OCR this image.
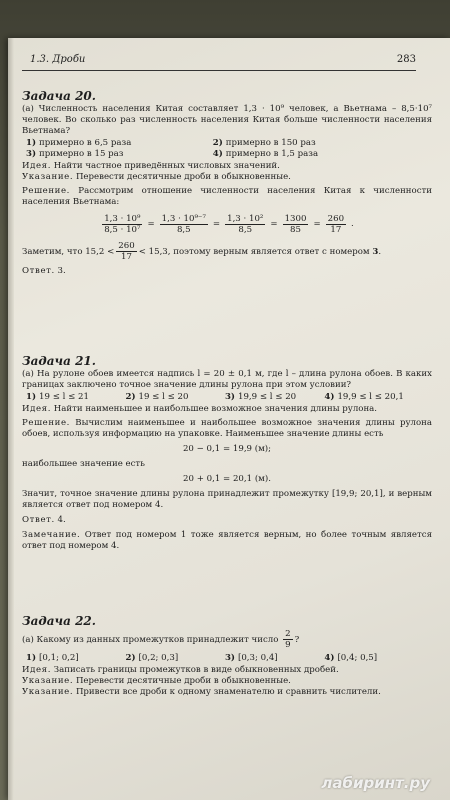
1.3. Дроби	283
Задача 20.

(а) Численность населения Китая составляет 1,3 · 10⁹ человек, а Вьетнама – 8,5·10⁷ человек. Во сколько раз численность населения Китая больше численности населения Вьетнама?

1) примерно в 6,5 раза	2) примерно в 150 раз
3) примерно в 15 раз	4) примерно в 1,5 раза

Идея. Найти частное приведённых числовых значений.

Указание. Перевести десятичные дроби в обыкновенные.

Решение. Рассмотрим отношение численности населения Китая к численности населения Вьетнама:

$\frac{\text{1,3 · 10⁹}}{\text{8,5 · 10⁷}} = \frac{\text{1,3 · 10⁹⁻⁷}}{8,5} = \frac{\text{1,3 · 10²}}{8,5} = \frac{1300}{85} = \frac{260}{17}$ .

Заметим, что $15,2 < \frac{260}{17} < 15,3$, поэтому верным является ответ с номером 3.

Ответ. 3.

Задача 21.

(а) На рулоне обоев имеется надпись l = 20 ± 0,1 м, где l – длина рулона обоев. В каких границах заключено точное значение длины рулона при этом условии?

1) 19 ≤ l ≤ 21	2) 19 ≤ l ≤ 20	3) 19,9 ≤ l ≤ 20	4) 19,9 ≤ l ≤ 20,1

Идея. Найти наименьшее и наибольшее возможное значения длины рулона.

Решение. Вычислим наименьшее и наибольшее возможное значения длины рулона обоев, используя информацию на упаковке. Наименьшее значение длины есть

20 − 0,1 = 19,9 (м);

наибольшее значение есть

20 + 0,1 = 20,1 (м).

Значит, точное значение длины рулона принадлежит промежутку [19,9; 20,1], и верным является ответ под номером 4.

Ответ. 4.

Замечание. Ответ под номером 1 тоже является верным, но более точным является ответ под номером 4.

Задача 22.

(а) Какому из данных промежутков принадлежит число $\frac{2}{9}$ ?

1) [0,1; 0,2]	2) [0,2; 0,3]	3) [0,3; 0,4]	4) [0,4; 0,5]

Идея. Записать границы промежутков в виде обыкновенных дробей.

Указание. Перевести десятичные дроби в обыкновенные.

Указание. Привести все дроби к одному знаменателю и сравнить числители.

лабиринт.ру
